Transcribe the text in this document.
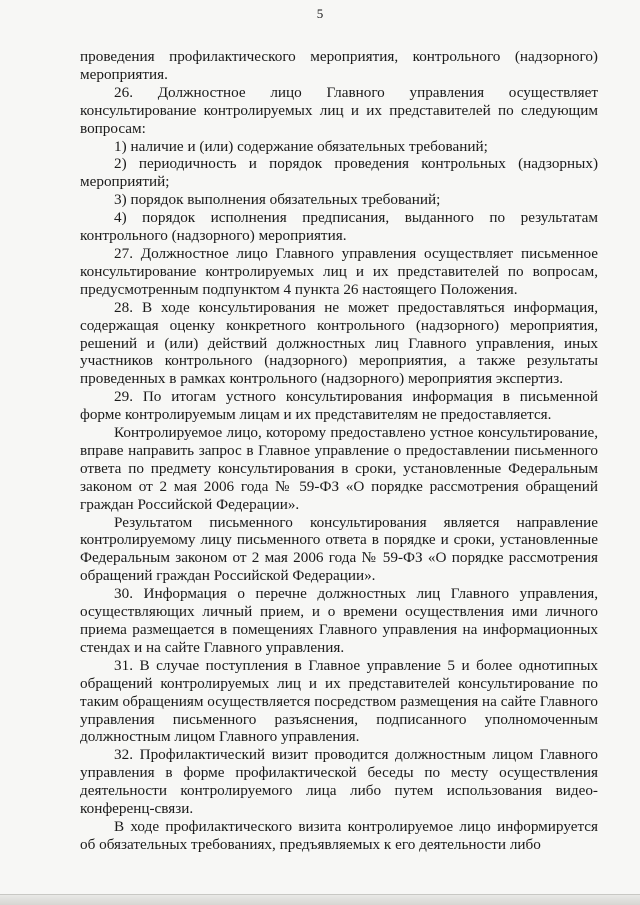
5

проведения профилактического мероприятия, контрольного (надзорного) мероприятия.

26. Должностное лицо Главного управления осуществляет консультирование контролируемых лиц и их представителей по следующим вопросам:

1) наличие и (или) содержание обязательных требований;

2) периодичность и порядок проведения контрольных (надзорных) мероприятий;

3) порядок выполнения обязательных требований;

4) порядок исполнения предписания, выданного по результатам контрольного (надзорного) мероприятия.

27. Должностное лицо Главного управления осуществляет письменное консультирование контролируемых лиц и их представителей по вопросам, предусмотренным подпунктом 4 пункта 26 настоящего Положения.

28. В ходе консультирования не может предоставляться информация, содержащая оценку конкретного контрольного (надзорного) мероприятия, решений и (или) действий должностных лиц Главного управления, иных участников контрольного (надзорного) мероприятия, а также результаты проведенных в рамках контрольного (надзорного) мероприятия экспертиз.

29. По итогам устного консультирования информация в письменной форме контролируемым лицам и их представителям не предоставляется.

Контролируемое лицо, которому предоставлено устное консультирование, вправе направить запрос в Главное управление о предоставлении письменного ответа по предмету консультирования в сроки, установленные Федеральным законом от 2 мая 2006 года № 59-ФЗ «О порядке рассмотрения обращений граждан Российской Федерации».

Результатом письменного консультирования является направление контролируемому лицу письменного ответа в порядке и сроки, установленные Федеральным законом от 2 мая 2006 года № 59-ФЗ «О порядке рассмотрения обращений граждан Российской Федерации».

30. Информация о перечне должностных лиц Главного управления, осуществляющих личный прием, и о времени осуществления ими личного приема размещается в помещениях Главного управления на информационных стендах и на сайте Главного управления.

31. В случае поступления в Главное управление 5 и более однотипных обращений контролируемых лиц и их представителей консультирование по таким обращениям осуществляется посредством размещения на сайте Главного управления письменного разъяснения, подписанного уполномоченным должностным лицом Главного управления.

32. Профилактический визит проводится должностным лицом Главного управления в форме профилактической беседы по месту осуществления деятельности контролируемого лица либо путем использования видео-конференц-связи.

В ходе профилактического визита контролируемое лицо информируется об обязательных требованиях, предъявляемых к его деятельности либо
